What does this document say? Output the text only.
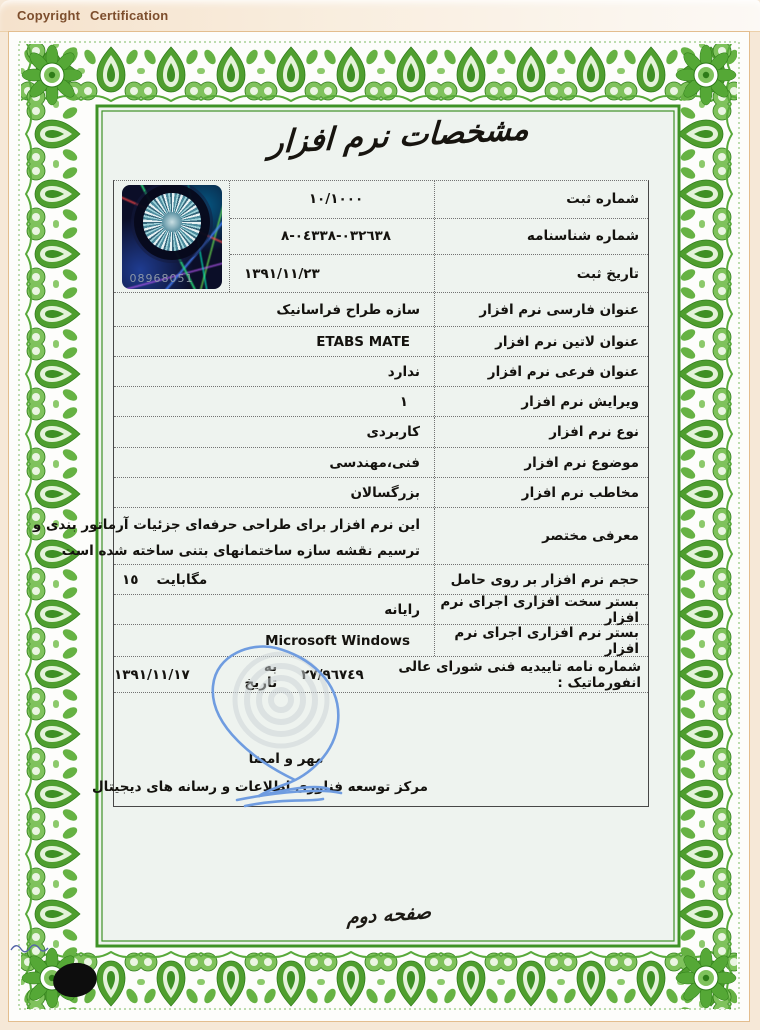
Copyright Certification
مشخصات نرم افزار
شماره ثبت
١٠/١٠٠٠
شماره شناسنامه
٨-٠٤٣٣٨-٠٣٢٦٣٨
تاریخ ثبت
١٣٩١/١١/٢٣
08968051
عنوان فارسی نرم افزار
سازه طراح فراسانیک
عنوان لاتین نرم افزار
ETABS MATE
عنوان فرعی نرم افزار
ندارد
ویرایش نرم افزار
١
نوع نرم افزار
کاربردی
موضوع نرم افزار
فنی،مهندسی
مخاطب نرم افزار
بزرگسالان
معرفی مختصر
این نرم افزار برای طراحی حرفه‌ای جزئیات آرماتور بندی و
ترسیم نقشه سازه ساختمانهای بتنی ساخته شده است
حجم نرم افزار بر روی حامل
مگابایت
١٥
بستر سخت افزاری اجرای نرم افزار
رایانه
بستر نرم افزاری اجرای نرم افزار
Microsoft Windows
شماره نامه تاییدیه فنی شورای عالی انفورماتیک :
٢٧/٩٦٧٤٩
به تاریخ
١٣٩١/١١/١٧
مهر و امضا
مرکز توسعه فناوری اطلاعات و رسانه های دیجیتال
صفحه دوم
